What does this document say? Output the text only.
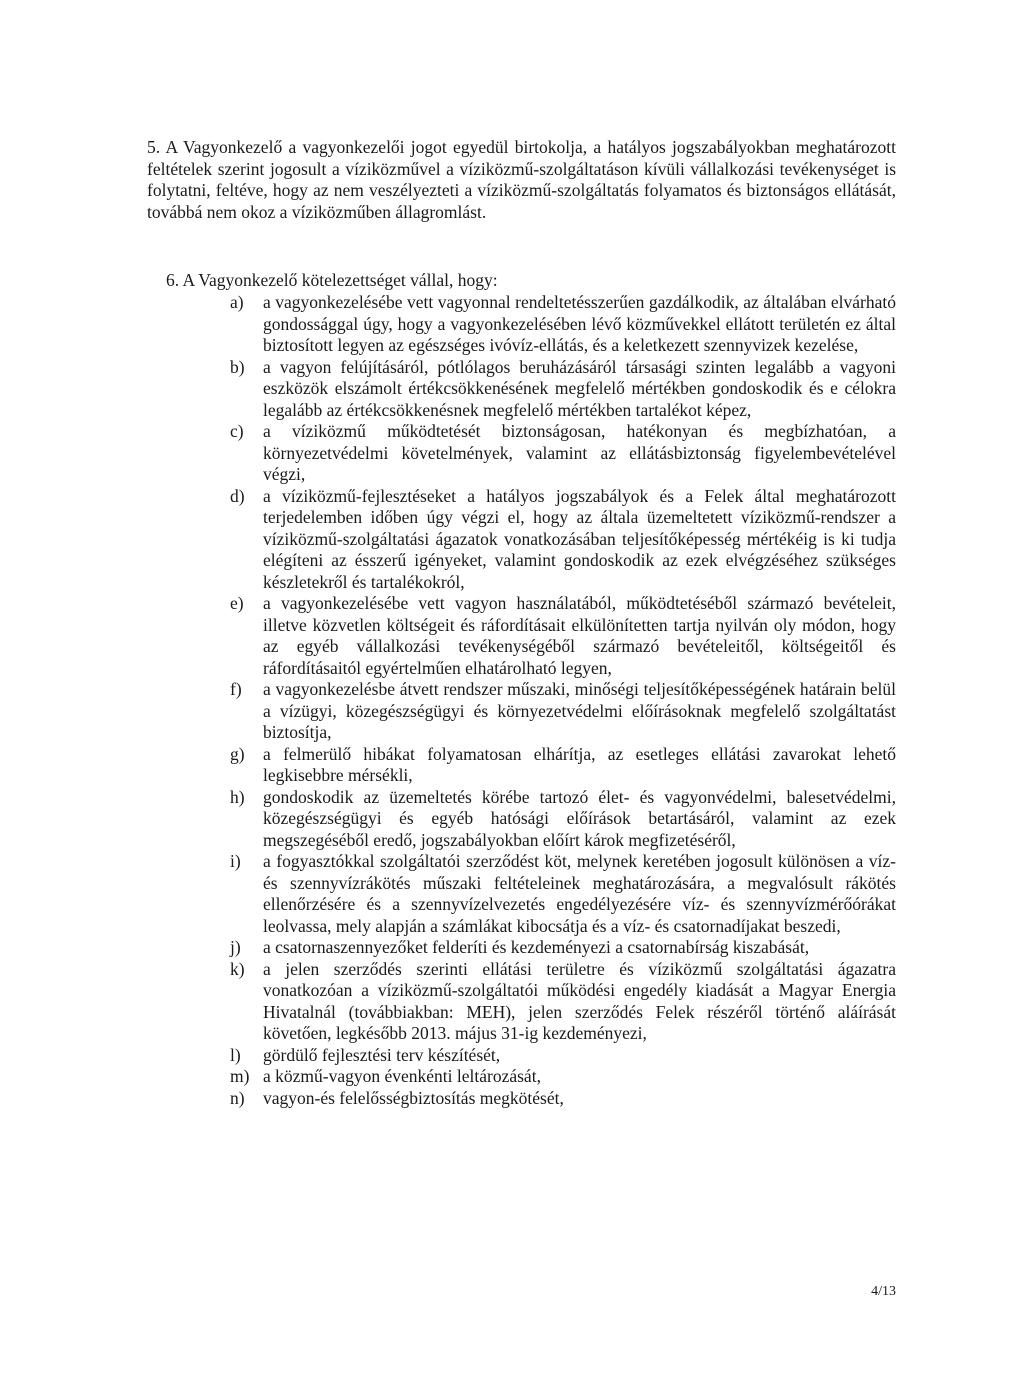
5. A Vagyonkezelő a vagyonkezelői jogot egyedül birtokolja, a hatályos jogszabályokban meghatározott feltételek szerint jogosult a víziközművel a víziközmű-szolgáltatáson kívüli vállalkozási tevékenységet is folytatni, feltéve, hogy az nem veszélyezteti a víziközmű-szolgáltatás folyamatos és biztonságos ellátását, továbbá nem okoz a víziközműben állagromlást.

6. A Vagyonkezelő kötelezettséget vállal, hogy:

a)	a vagyonkezelésébe vett vagyonnal rendeltetésszerűen gazdálkodik, az általában elvárható gondossággal úgy, hogy a vagyonkezelésében lévő közművekkel ellátott területén ez által biztosított legyen az egészséges ivóvíz-ellátás, és a keletkezett szennyvizek kezelése,
b)	a vagyon felújításáról, pótlólagos beruházásáról társasági szinten legalább a vagyoni eszközök elszámolt értékcsökkenésének megfelelő mértékben gondoskodik és e célokra legalább az értékcsökkenésnek megfelelő mértékben tartalékot képez,
c)	a víziközmű működtetését biztonságosan, hatékonyan és megbízhatóan, a környezetvédelmi követelmények, valamint az ellátásbiztonság figyelembevételével végzi,
d)	a víziközmű-fejlesztéseket a hatályos jogszabályok és a Felek által meghatározott terjedelemben időben úgy végzi el, hogy az általa üzemeltetett víziközmű-rendszer a víziközmű-szolgáltatási ágazatok vonatkozásában teljesítőképesség mértékéig is ki tudja elégíteni az ésszerű igényeket, valamint gondoskodik az ezek elvégzéséhez szükséges készletekről és tartalékokról,
e)	a vagyonkezelésébe vett vagyon használatából, működtetéséből származó bevételeit, illetve közvetlen költségeit és ráfordításait elkülönítetten tartja nyilván oly módon, hogy az egyéb vállalkozási tevékenységéből származó bevételeitől, költségeitől és ráfordításaitól egyértelműen elhatárolható legyen,
f)	a vagyonkezelésbe átvett rendszer műszaki, minőségi teljesítőképességének határain belül a vízügyi, közegészségügyi és környezetvédelmi előírásoknak megfelelő szolgáltatást biztosítja,
g)	a felmerülő hibákat folyamatosan elhárítja, az esetleges ellátási zavarokat lehető legkisebbre mérsékli,
h)	gondoskodik az üzemeltetés körébe tartozó élet- és vagyonvédelmi, balesetvédelmi, közegészségügyi és egyéb hatósági előírások betartásáról, valamint az ezek megszegéséből eredő, jogszabályokban előírt károk megfizetéséről,
i)	a fogyasztókkal szolgáltatói szerződést köt, melynek keretében jogosult különösen a víz- és szennyvízrákötés műszaki feltételeinek meghatározására, a megvalósult rákötés ellenőrzésére és a szennyvízelvezetés engedélyezésére víz- és szennyvízmérőórákat leolvassa, mely alapján a számlákat kibocsátja és a víz- és csatornadíjakat beszedi,
j)	a csatornaszennyezőket felderíti és kezdeményezi a csatornabírság kiszabását,
k)	a jelen szerződés szerinti ellátási területre és víziközmű szolgáltatási ágazatra vonatkozóan a víziközmű-szolgáltatói működési engedély kiadását a Magyar Energia Hivatalnál (továbbiakban: MEH), jelen szerződés Felek részéről történő aláírását követően, legkésőbb 2013. május 31-ig kezdeményezi,
l)	gördülő fejlesztési terv készítését,
m) a közmű-vagyon évenkénti leltározását,
n)	vagyon-és felelősségbiztosítás megkötését,
4/13
